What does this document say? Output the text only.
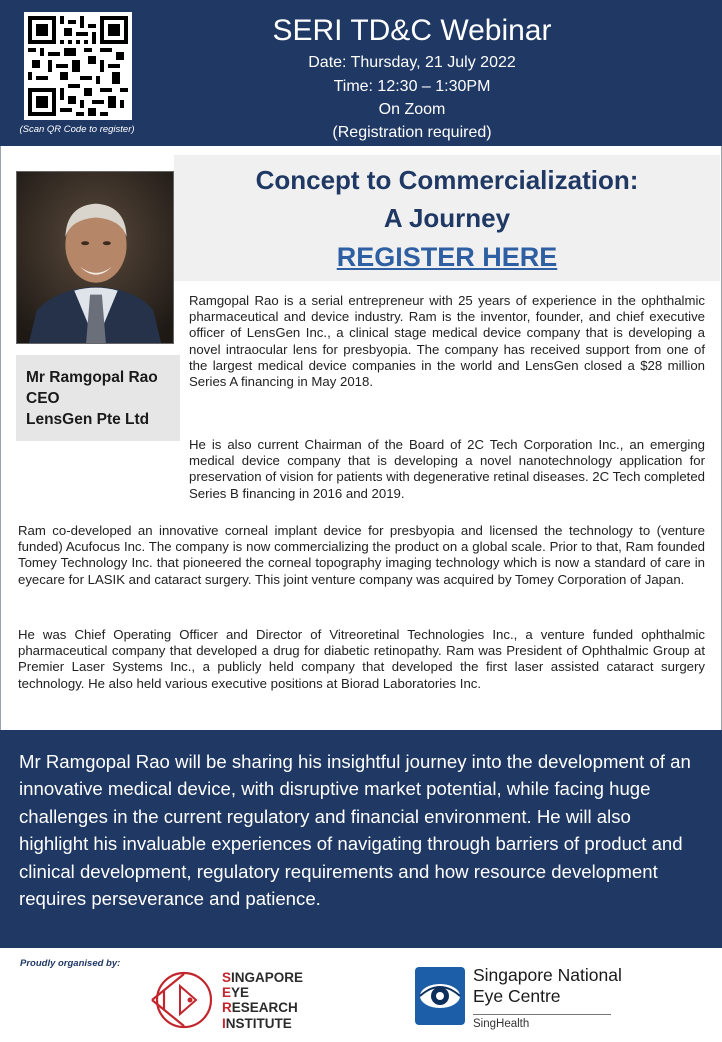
(Scan QR Code to register)
SERI TD&C Webinar
Date: Thursday, 21 July 2022
Time: 12:30 – 1:30PM
On Zoom
(Registration required)
Mr Ramgopal Rao
CEO
LensGen Pte Ltd
Concept to Commercialization:
A Journey
REGISTER HERE

Ramgopal Rao is a serial entrepreneur with 25 years of experience in the ophthalmic pharmaceutical and device industry. Ram is the inventor, founder, and chief executive officer of LensGen Inc., a clinical stage medical device company that is developing a novel intraocular lens for presbyopia. The company has received support from one of the largest medical device companies in the world and LensGen closed a $28 million Series A financing in May 2018.

He is also current Chairman of the Board of 2C Tech Corporation Inc., an emerging medical device company that is developing a novel nanotechnology application for preservation of vision for patients with degenerative retinal diseases. 2C Tech completed Series B financing in 2016 and 2019.

Ram co-developed an innovative corneal implant device for presbyopia and licensed the technology to (venture funded) Acufocus Inc. The company is now commercializing the product on a global scale. Prior to that, Ram founded Tomey Technology Inc. that pioneered the corneal topography imaging technology which is now a standard of care in eyecare for LASIK and cataract surgery. This joint venture company was acquired by Tomey Corporation of Japan.

He was Chief Operating Officer and Director of Vitreoretinal Technologies Inc., a venture funded ophthalmic pharmaceutical company that developed a drug for diabetic retinopathy. Ram was President of Ophthalmic Group at Premier Laser Systems Inc., a publicly held company that developed the first laser assisted cataract surgery technology. He also held various executive positions at Biorad Laboratories Inc.

Mr Ramgopal Rao will be sharing his insightful journey into the development of an innovative medical device, with disruptive market potential, while facing huge challenges in the current regulatory and financial environment. He will also highlight his invaluable experiences of navigating through barriers of product and clinical development, regulatory requirements and how resource development requires perseverance and patience.

Proudly organised by:
SINGAPORE
EYE
RESEARCH
INSTITUTE
Singapore National
Eye Centre
SingHealth
